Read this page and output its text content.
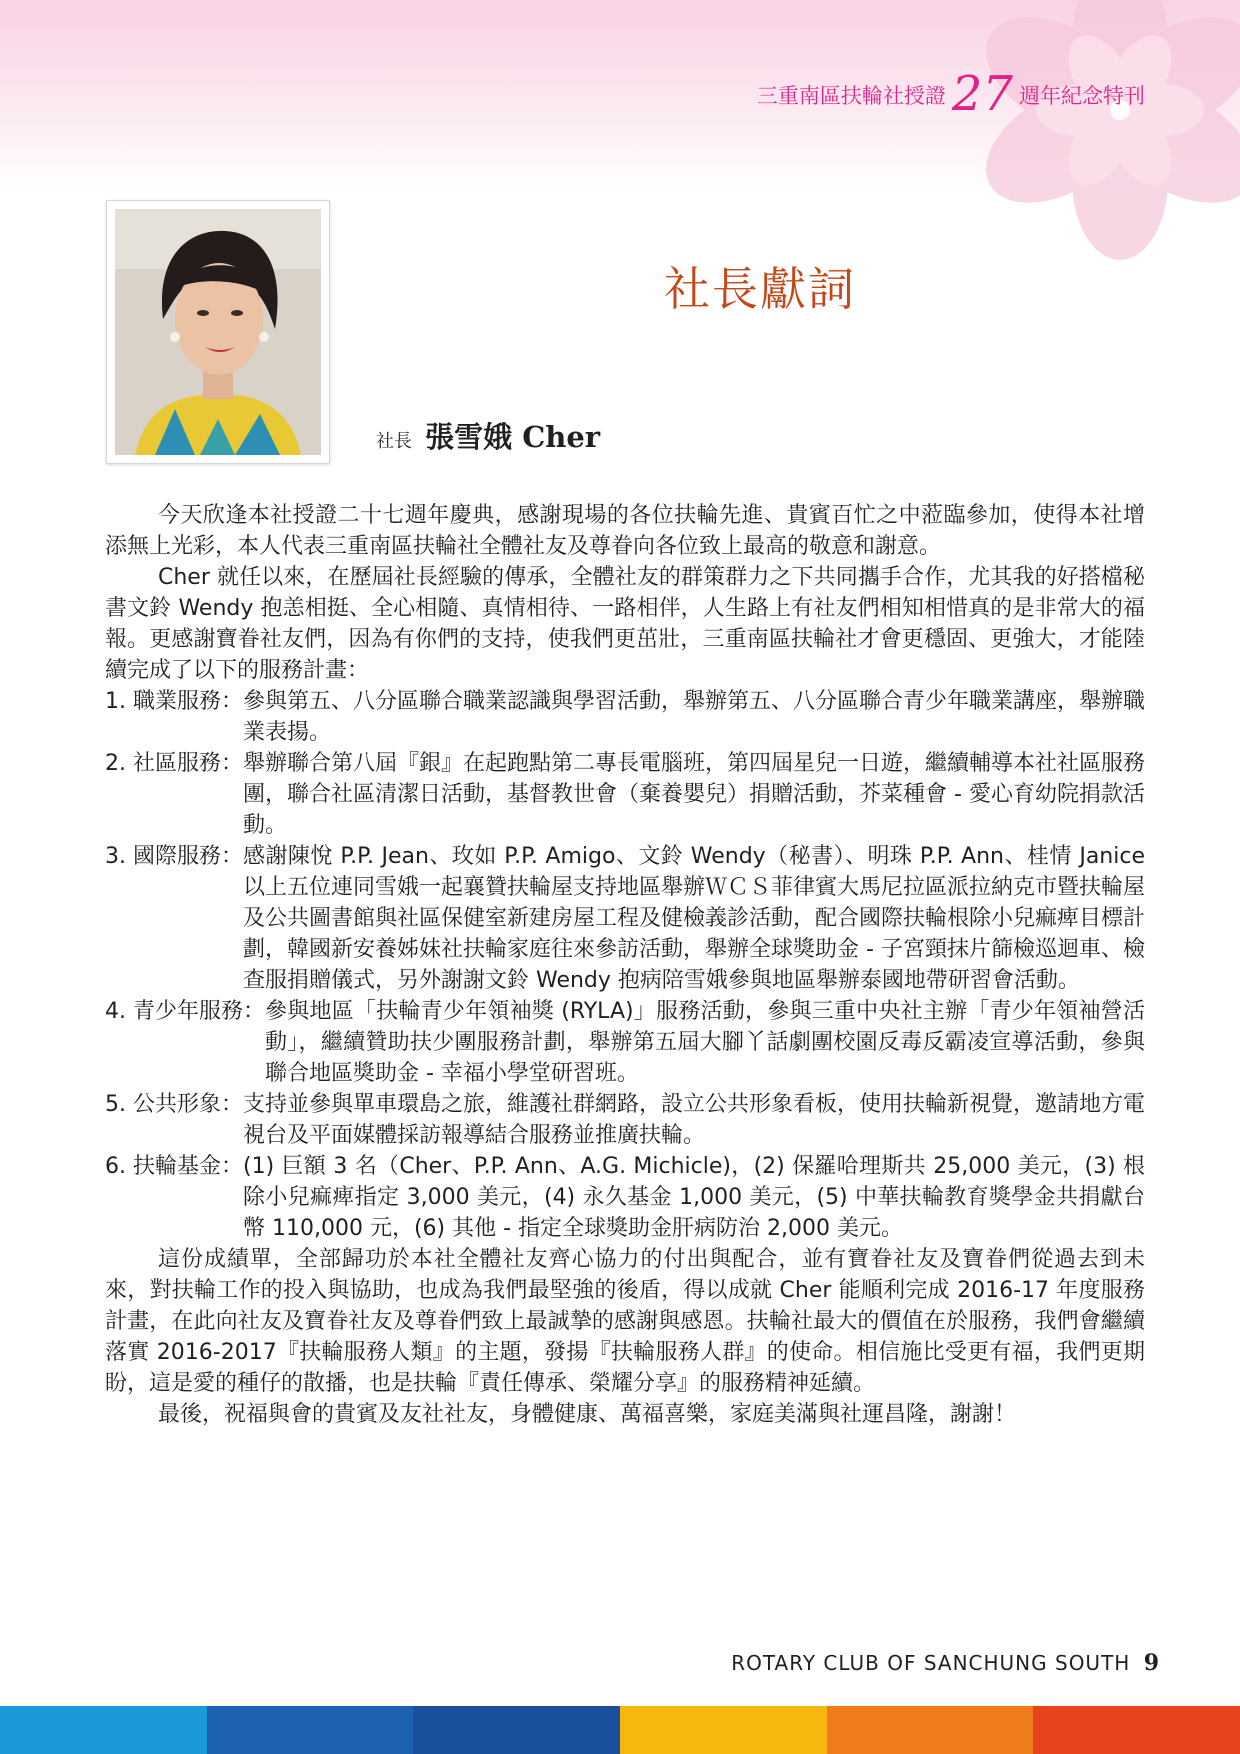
三重南區扶輪社授證 27 週年紀念特刊
社長獻詞
社長 張雪娥 Cher

今天欣逢本社授證二十七週年慶典，感謝現場的各位扶輪先進、貴賓百忙之中蒞臨參加，使得本社增添無上光彩，本人代表三重南區扶輪社全體社友及尊眷向各位致上最高的敬意和謝意。

Cher 就任以來，在歷屆社長經驗的傳承，全體社友的群策群力之下共同攜手合作，尤其我的好搭檔秘書文鈴 Wendy 抱恙相挺、全心相隨、真情相待、一路相伴，人生路上有社友們相知相惜真的是非常大的福報。更感謝寶眷社友們，因為有你們的支持，使我們更茁壯，三重南區扶輪社才會更穩固、更強大，才能陸續完成了以下的服務計畫：

1. 職業服務： 參與第五、八分區聯合職業認識與學習活動，舉辦第五、八分區聯合青少年職業講座，舉辦職業表揚。
2. 社區服務： 舉辦聯合第八屆『銀』在起跑點第二專長電腦班，第四屆星兒一日遊，繼續輔導本社社區服務團，聯合社區清潔日活動，基督教世會（棄養嬰兒）捐贈活動，芥菜種會 - 愛心育幼院捐款活動。
3. 國際服務： 感謝陳悅 P.P. Jean、玫如 P.P. Amigo、文鈴 Wendy（秘書）、明珠 P.P. Ann、桂情 Janice 以上五位連同雪娥一起襄贊扶輪屋支持地區舉辦ＷＣＳ菲律賓大馬尼拉區派拉納克市暨扶輪屋及公共圖書館與社區保健室新建房屋工程及健檢義診活動，配合國際扶輪根除小兒痲痺目標計劃，韓國新安養姊妹社扶輪家庭往來參訪活動，舉辦全球獎助金 - 子宮頸抹片篩檢巡迴車、檢查服捐贈儀式，另外謝謝文鈴 Wendy 抱病陪雪娥參與地區舉辦泰國地帶研習會活動。
4. 青少年服務： 參與地區「扶輪青少年領袖獎 (RYLA)」服務活動，參與三重中央社主辦「青少年領袖營活動」，繼續贊助扶少團服務計劃，舉辦第五屆大腳丫話劇團校園反毒反霸凌宣導活動，參與聯合地區獎助金 - 幸福小學堂研習班。
5. 公共形象： 支持並參與單車環島之旅，維護社群網路，設立公共形象看板，使用扶輪新視覺，邀請地方電視台及平面媒體採訪報導結合服務並推廣扶輪。
6. 扶輪基金： (1) 巨額 3 名（Cher、P.P. Ann、A.G. Michicle)，(2) 保羅哈理斯共 25,000 美元，(3) 根除小兒痲痺指定 3,000 美元，(4) 永久基金 1,000 美元，(5) 中華扶輪教育獎學金共捐獻台幣 110,000 元，(6) 其他 - 指定全球獎助金肝病防治 2,000 美元。

這份成績單，全部歸功於本社全體社友齊心協力的付出與配合，並有寶眷社友及寶眷們從過去到未來，對扶輪工作的投入與協助，也成為我們最堅強的後盾，得以成就 Cher 能順利完成 2016-17 年度服務計畫，在此向社友及寶眷社友及尊眷們致上最誠摯的感謝與感恩。扶輪社最大的價值在於服務，我們會繼續落實 2016-2017『扶輪服務人類』的主題，發揚『扶輪服務人群』的使命。相信施比受更有福，我們更期盼，這是愛的種仔的散播，也是扶輪『責任傳承、榮耀分享』的服務精神延續。

最後，祝福與會的貴賓及友社社友，身體健康、萬福喜樂，家庭美滿與社運昌隆，謝謝！

ROTARY CLUB OF SANCHUNG SOUTH 9
